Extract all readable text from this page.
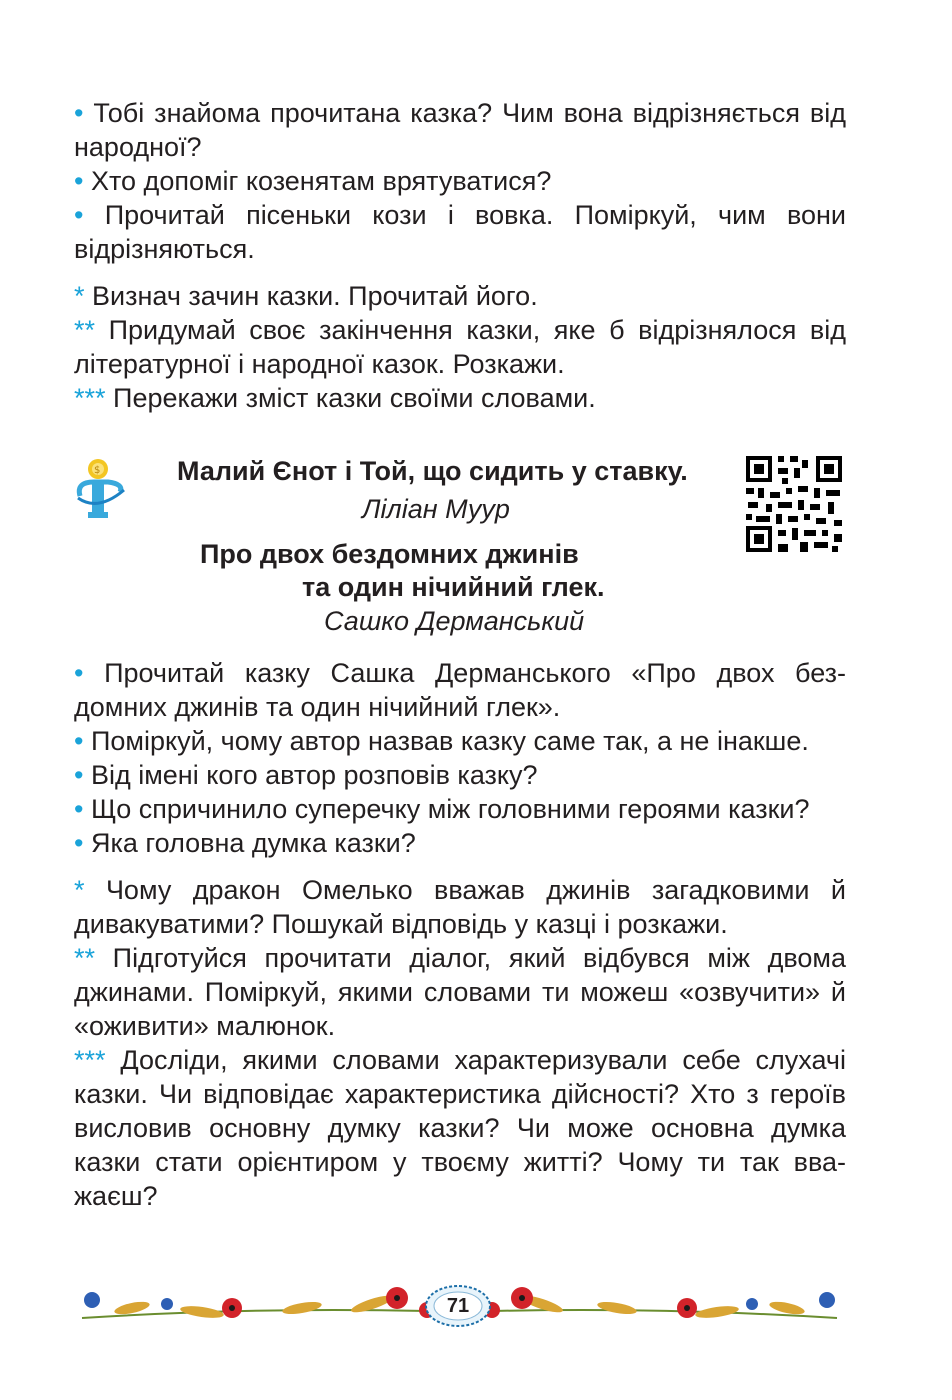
• Тобі знайома прочитана казка? Чим вона відрізняється від народної?

• Хто допоміг козенятам врятуватися?

• Прочитай пісеньки кози і вовка. Поміркуй, чим вони відрізняються.

* Визнач зачин казки. Прочитай його.

** Придумай своє закінчення казки, яке б відрізнялося від літературної і народної казок. Розкажи.

*** Перекажи зміст казки своїми словами.

$	Малий Єнот і Той, що сидить у ставку.
Ліліан Муур
Про двох бездомних джинів
та один нічийний глек.
Сашко Дерманський

• Прочитай казку Сашка Дерманського «Про двох без-домних джинів та один нічийний глек».

• Поміркуй, чому автор назвав казку саме так, а не інакше.

• Від імені кого автор розповів казку?

• Що спричинило суперечку між головними героями казки?

• Яка головна думка казки?

* Чому дракон Омелько вважав джинів загадковими й дивакуватими? Пошукай відповідь у казці і розкажи.

** Підготуйся прочитати діалог, який відбувся між двома джинами. Поміркуй, якими словами ти можеш «озвучити» й «оживити» малюнок.

*** Досліди, якими словами характеризували себе слухачі казки. Чи відповідає характеристика дійсності? Хто з героїв висловив основну думку казки? Чи може основна думка казки стати орієнтиром у твоєму житті? Чому ти так вва-жаєш?

71
